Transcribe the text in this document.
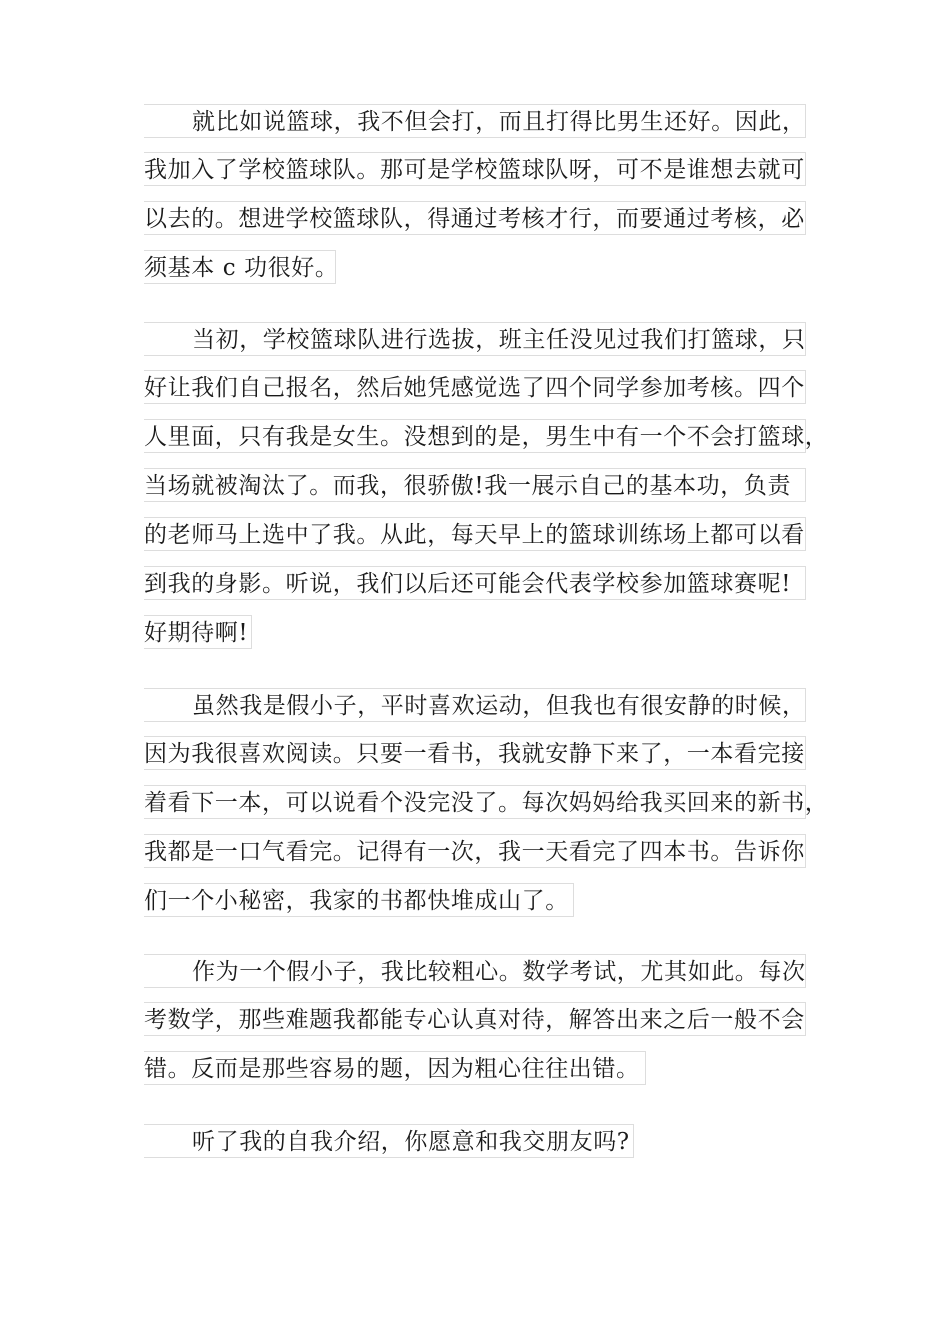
就比如说篮球，我不但会打，而且打得比男生还好。因此，
我加入了学校篮球队。那可是学校篮球队呀，可不是谁想去就可
以去的。想进学校篮球队，得通过考核才行，而要通过考核，必
须基本 c 功很好。
当初，学校篮球队进行选拔，班主任没见过我们打篮球，只
好让我们自己报名，然后她凭感觉选了四个同学参加考核。四个
人里面，只有我是女生。没想到的是，男生中有一个不会打篮球，
当场就被淘汰了。而我，很骄傲!我一展示自己的基本功，负责
的老师马上选中了我。从此，每天早上的篮球训练场上都可以看
到我的身影。听说，我们以后还可能会代表学校参加篮球赛呢!
好期待啊!
虽然我是假小子，平时喜欢运动，但我也有很安静的时候，
因为我很喜欢阅读。只要一看书，我就安静下来了，一本看完接
着看下一本，可以说看个没完没了。每次妈妈给我买回来的新书，
我都是一口气看完。记得有一次，我一天看完了四本书。告诉你
们一个小秘密，我家的书都快堆成山了。
作为一个假小子，我比较粗心。数学考试，尤其如此。每次
考数学，那些难题我都能专心认真对待，解答出来之后一般不会
错。反而是那些容易的题，因为粗心往往出错。
听了我的自我介绍，你愿意和我交朋友吗?
